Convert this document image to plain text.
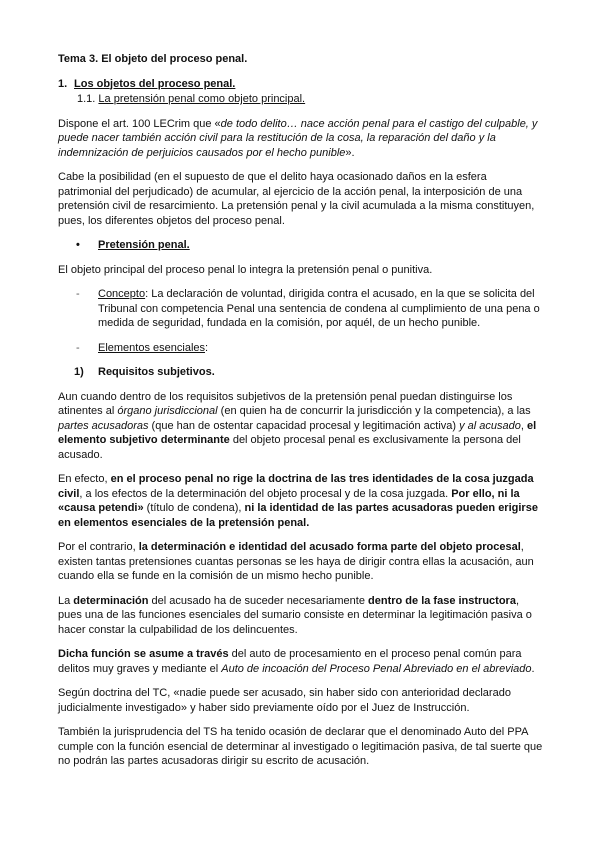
Tema 3. El objeto del proceso penal.

1. Los objetos del proceso penal.

1.1. La pretensión penal como objeto principal.

Dispone el art. 100 LECrim que «de todo delito… nace acción penal para el castigo del culpable, y puede nacer también acción civil para la restitución de la cosa, la reparación del daño y la indemnización de perjuicios causados por el hecho punible».

Cabe la posibilidad (en el supuesto de que el delito haya ocasionado daños en la esfera patrimonial del perjudicado) de acumular, al ejercicio de la acción penal, la interposición de una pretensión civil de resarcimiento. La pretensión penal y la civil acumulada a la misma constituyen, pues, los diferentes objetos del proceso penal.

• Pretensión penal.

El objeto principal del proceso penal lo integra la pretensión penal o punitiva.

- Concepto: La declaración de voluntad, dirigida contra el acusado, en la que se solicita del Tribunal con competencia Penal una sentencia de condena al cumplimiento de una pena o medida de seguridad, fundada en la comisión, por aquél, de un hecho punible.

- Elementos esenciales:

1) Requisitos subjetivos.

Aun cuando dentro de los requisitos subjetivos de la pretensión penal puedan distinguirse los atinentes al órgano jurisdiccional (en quien ha de concurrir la jurisdicción y la competencia), a las partes acusadoras (que han de ostentar capacidad procesal y legitimación activa) y al acusado, el elemento subjetivo determinante del objeto procesal penal es exclusivamente la persona del acusado.

En efecto, en el proceso penal no rige la doctrina de las tres identidades de la cosa juzgada civil, a los efectos de la determinación del objeto procesal y de la cosa juzgada. Por ello, ni la «causa petendi» (título de condena), ni la identidad de las partes acusadoras pueden erigirse en elementos esenciales de la pretensión penal.

Por el contrario, la determinación e identidad del acusado forma parte del objeto procesal, existen tantas pretensiones cuantas personas se les haya de dirigir contra ellas la acusación, aun cuando ella se funde en la comisión de un mismo hecho punible.

La determinación del acusado ha de suceder necesariamente dentro de la fase instructora, pues una de las funciones esenciales del sumario consiste en determinar la legitimación pasiva o hacer constar la culpabilidad de los delincuentes.

Dicha función se asume a través del auto de procesamiento en el proceso penal común para delitos muy graves y mediante el Auto de incoación del Proceso Penal Abreviado en el abreviado.

Según doctrina del TC, «nadie puede ser acusado, sin haber sido con anterioridad declarado judicialmente investigado» y haber sido previamente oído por el Juez de Instrucción.

También la jurisprudencia del TS ha tenido ocasión de declarar que el denominado Auto del PPA cumple con la función esencial de determinar al investigado o legitimación pasiva, de tal suerte que no podrán las partes acusadoras dirigir su escrito de acusación.
